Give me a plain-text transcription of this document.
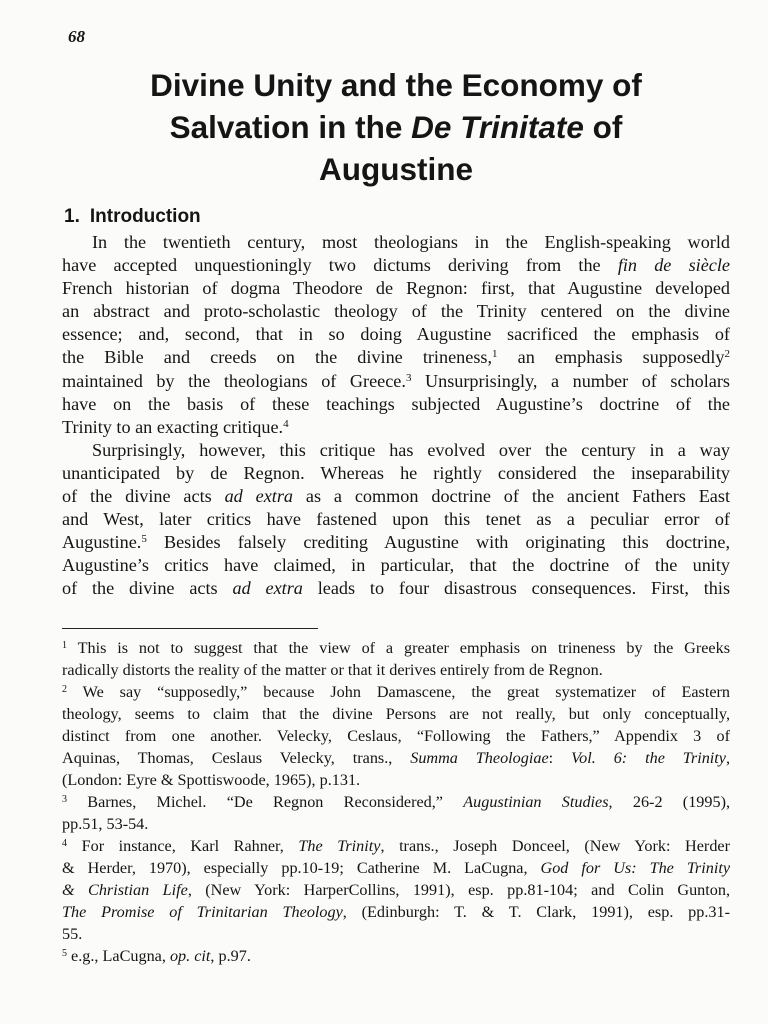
68
Divine Unity and the Economy of
Salvation in the De Trinitate of
Augustine
1. Introduction
In the twentieth century, most theologians in the English-speaking world
have accepted unquestioningly two dictums deriving from the fin de siècle
French historian of dogma Theodore de Regnon: first, that Augustine developed
an abstract and proto-scholastic theology of the Trinity centered on the divine
essence; and, second, that in so doing Augustine sacrificed the emphasis of
the Bible and creeds on the divine trineness,$^1$ an emphasis supposedly$^2$
maintained by the theologians of Greece.$^3$ Unsurprisingly, a number of scholars
have on the basis of these teachings subjected Augustine’s doctrine of the
Trinity to an exacting critique.$^4$
Surprisingly, however, this critique has evolved over the century in a way
unanticipated by de Regnon. Whereas he rightly considered the inseparability
of the divine acts ad extra as a common doctrine of the ancient Fathers East
and West, later critics have fastened upon this tenet as a peculiar error of
Augustine.$^5$ Besides falsely crediting Augustine with originating this doctrine,
Augustine’s critics have claimed, in particular, that the doctrine of the unity
of the divine acts ad extra leads to four disastrous consequences. First, this
$^1$ This is not to suggest that the view of a greater emphasis on trineness by the Greeks
radically distorts the reality of the matter or that it derives entirely from de Regnon.
$^2$ We say “supposedly,” because John Damascene, the great systematizer of Eastern
theology, seems to claim that the divine Persons are not really, but only conceptually,
distinct from one another. Velecky, Ceslaus, “Following the Fathers,” Appendix 3 of
Aquinas, Thomas, Ceslaus Velecky, trans., Summa Theologiae: Vol. 6: the Trinity,
(London: Eyre & Spottiswoode, 1965), p.131.
$^3$ Barnes, Michel. “De Regnon Reconsidered,” Augustinian Studies, 26-2 (1995),
pp.51, 53-54.
$^4$ For instance, Karl Rahner, The Trinity, trans., Joseph Donceel, (New York: Herder
& Herder, 1970), especially pp.10-19; Catherine M. LaCugna, God for Us: The Trinity
& Christian Life, (New York: HarperCollins, 1991), esp. pp.81-104; and Colin Gunton,
The Promise of Trinitarian Theology, (Edinburgh: T. & T. Clark, 1991), esp. pp.31-
55.
$^5$ e.g., LaCugna, op. cit, p.97.
